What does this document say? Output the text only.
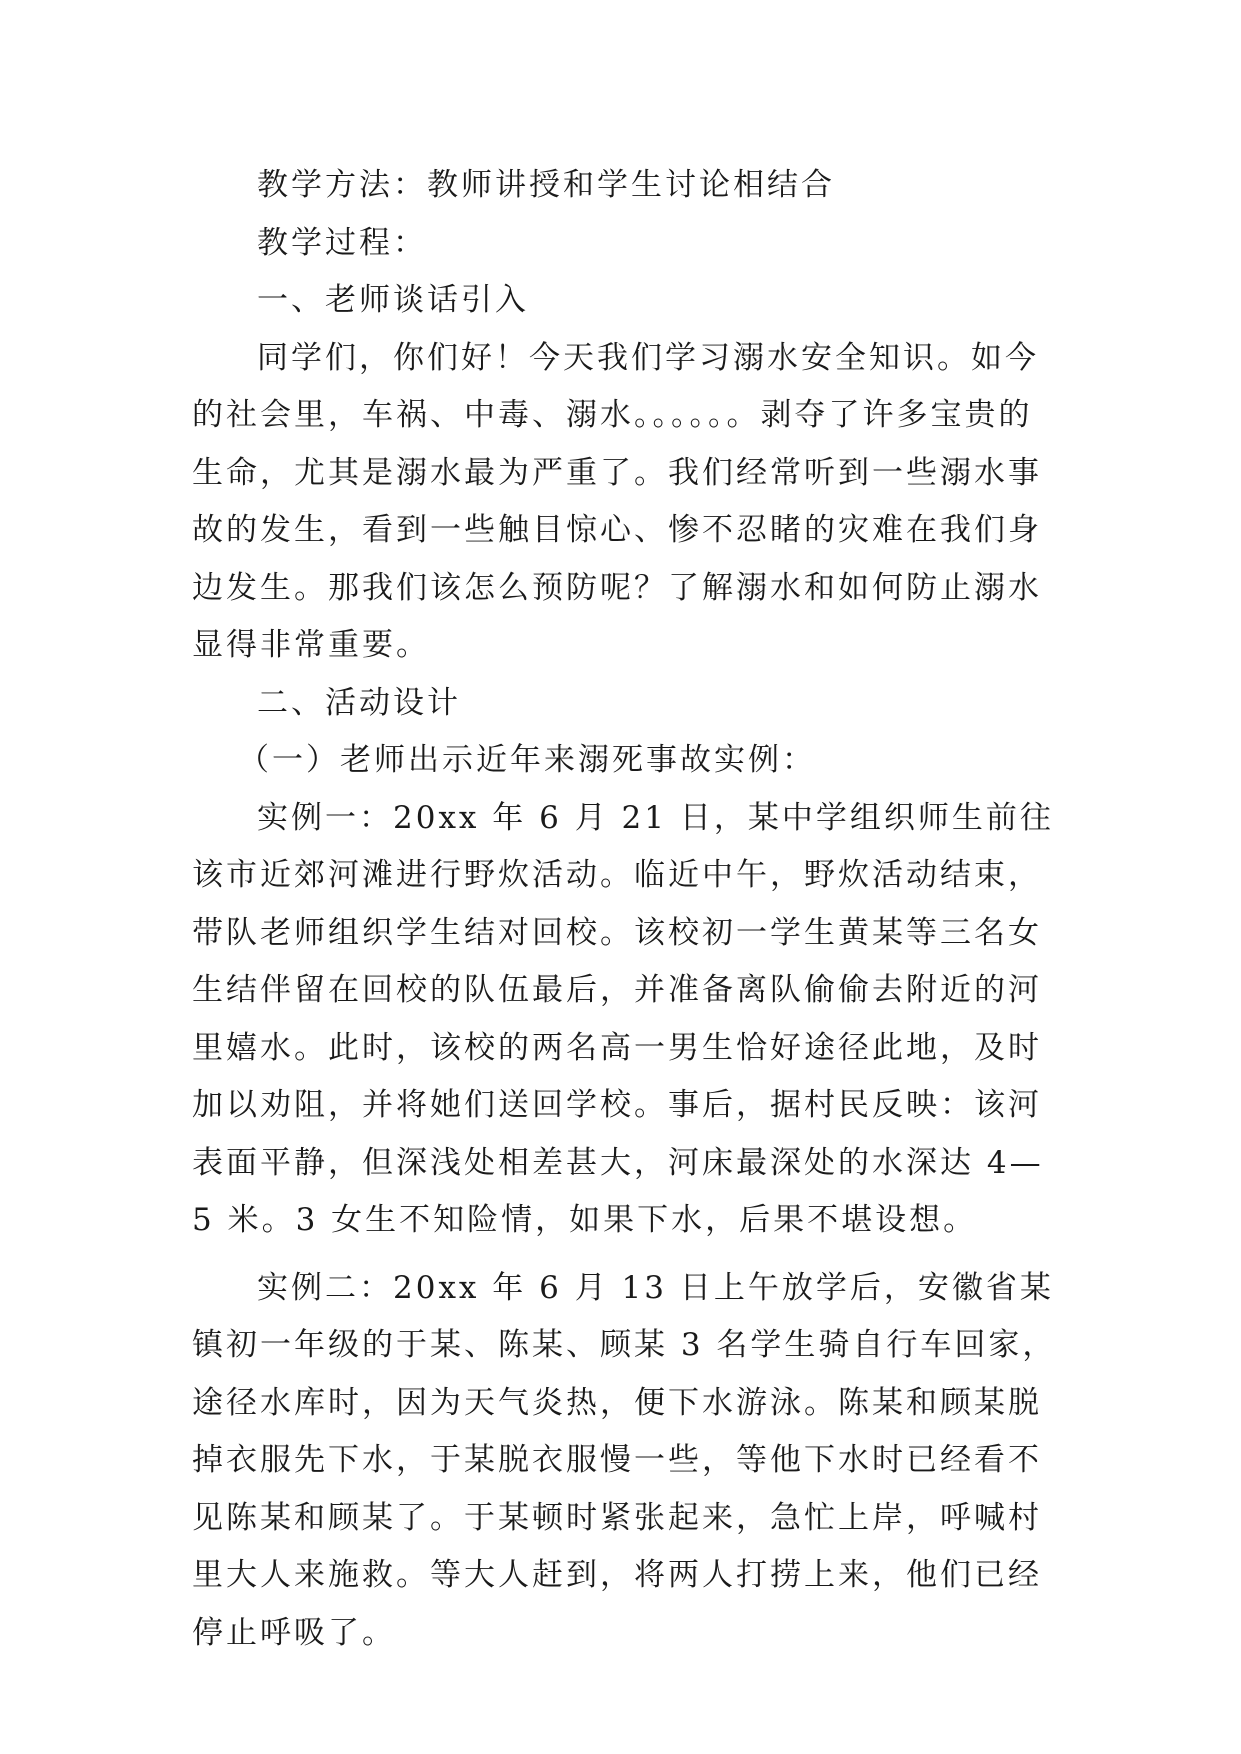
教学方法：教师讲授和学生讨论相结合

教学过程：

一、老师谈话引入

同学们，你们好！今天我们学习溺水安全知识。如今的社会里，车祸、中毒、溺水。。。。。。剥夺了许多宝贵的生命，尤其是溺水最为严重了。我们经常听到一些溺水事故的发生，看到一些触目惊心、惨不忍睹的灾难在我们身边发生。那我们该怎么预防呢？了解溺水和如何防止溺水显得非常重要。

二、活动设计

（一）老师出示近年来溺死事故实例：

实例一：20xx 年 6 月 21 日，某中学组织师生前往该市近郊河滩进行野炊活动。临近中午，野炊活动结束，带队老师组织学生结对回校。该校初一学生黄某等三名女生结伴留在回校的队伍最后，并准备离队偷偷去附近的河里嬉水。此时，该校的两名高一男生恰好途径此地，及时加以劝阻，并将她们送回学校。事后，据村民反映：该河表面平静，但深浅处相差甚大，河床最深处的水深达 4—5 米。3 女生不知险情，如果下水，后果不堪设想。

实例二：20xx 年 6 月 13 日上午放学后，安徽省某镇初一年级的于某、陈某、顾某 3 名学生骑自行车回家，途径水库时，因为天气炎热，便下水游泳。陈某和顾某脱掉衣服先下水，于某脱衣服慢一些，等他下水时已经看不见陈某和顾某了。于某顿时紧张起来，急忙上岸，呼喊村里大人来施救。等大人赶到，将两人打捞上来，他们已经停止呼吸了。
